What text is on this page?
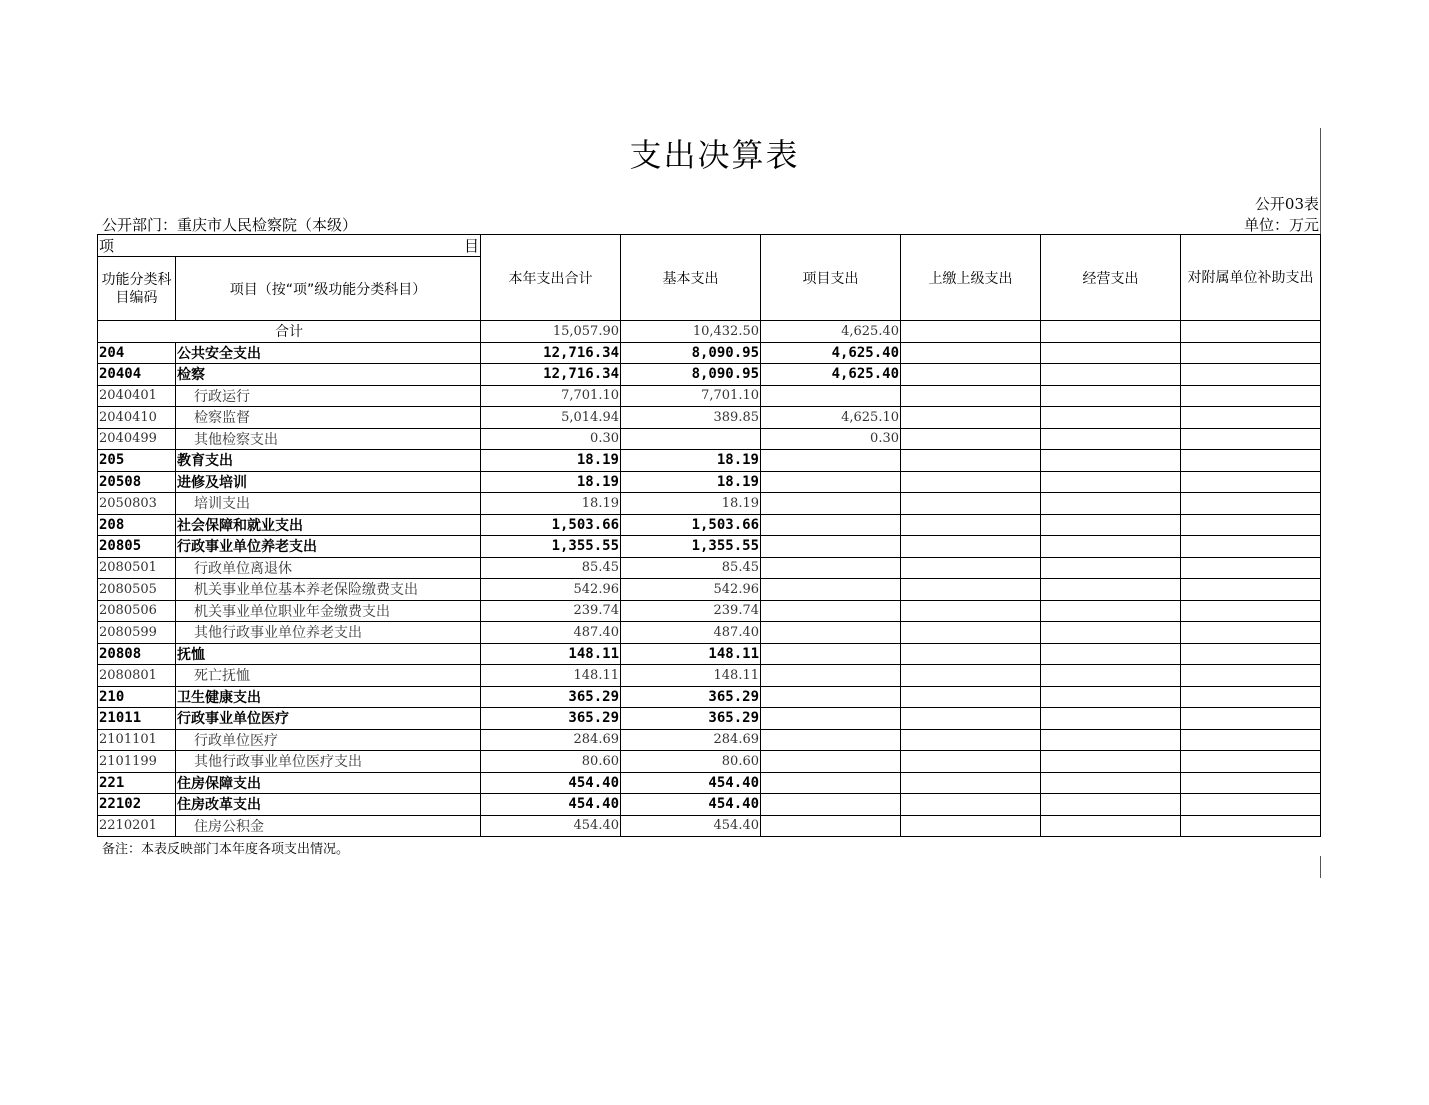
支出决算表
公开03表
公开部门：重庆市人民检察院（本级）	单位：万元
项 目		本年支出合计	基本支出	项目支出	上缴上级支出	经营支出	对附属单位补助支出
功能分类科目编码	项目（按“项”级功能分类科目）						
合计		15,057.90	10,432.50	4,625.40			
204	公共安全支出	12,716.34	8,090.95	4,625.40			
20404	检察	12,716.34	8,090.95	4,625.40			
2040401	行政运行	7,701.10	7,701.10				
2040410	检察监督	5,014.94	389.85	4,625.10			
2040499	其他检察支出	0.30		0.30			
205	教育支出	18.19	18.19				
20508	进修及培训	18.19	18.19				
2050803	培训支出	18.19	18.19				
208	社会保障和就业支出	1,503.66	1,503.66				
20805	行政事业单位养老支出	1,355.55	1,355.55				
2080501	行政单位离退休	85.45	85.45				
2080505	机关事业单位基本养老保险缴费支出	542.96	542.96				
2080506	机关事业单位职业年金缴费支出	239.74	239.74				
2080599	其他行政事业单位养老支出	487.40	487.40				
20808	抚恤	148.11	148.11				
2080801	死亡抚恤	148.11	148.11				
210	卫生健康支出	365.29	365.29				
21011	行政事业单位医疗	365.29	365.29				
2101101	行政单位医疗	284.69	284.69				
2101199	其他行政事业单位医疗支出	80.60	80.60				
221	住房保障支出	454.40	454.40				
22102	住房改革支出	454.40	454.40				
2210201	住房公积金	454.40	454.40				
备注：本表反映部门本年度各项支出情况。
